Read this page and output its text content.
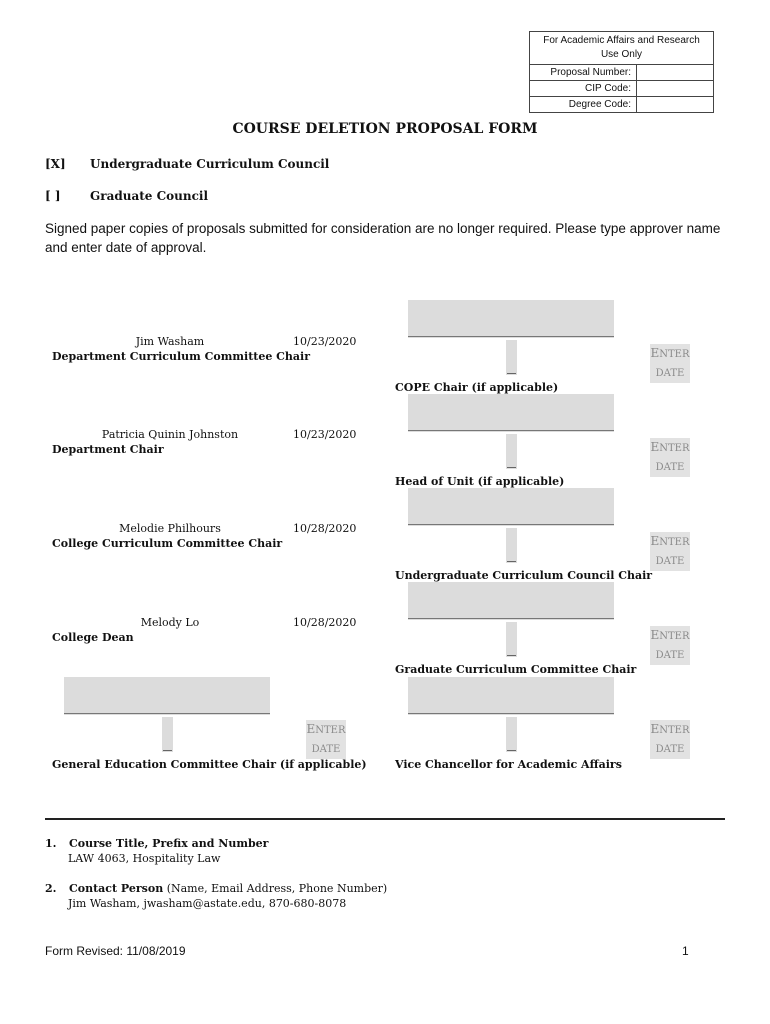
For Academic Affairs and Research Use Only
Proposal Number:
CIP Code:
Degree Code:
COURSE DELETION PROPOSAL FORM
[X] Undergraduate Curriculum Council
[ ] Graduate Council
Signed paper copies of proposals submitted for consideration are no longer required. Please type approver name and enter date of approval.
Jim Washam	10/23/2020
Department Curriculum Committee Chair
Patricia Quinin Johnston	10/23/2020
Department Chair
Melodie Philhours	10/28/2020
College Curriculum Committee Chair
Melody Lo	10/28/2020
College Dean
ENTER
DATE
General Education Committee Chair (if applicable)
ENTER
DATE
COPE Chair (if applicable)
ENTER
DATE
Head of Unit (if applicable)
ENTER
DATE
Undergraduate Curriculum Council Chair
ENTER
DATE
Graduate Curriculum Committee Chair
ENTER
DATE
Vice Chancellor for Academic Affairs
1. Course Title, Prefix and Number
LAW 4063, Hospitality Law
2. Contact Person (Name, Email Address, Phone Number)
Jim Washam, jwasham@astate.edu, 870-680-8078
Form Revised: 11/08/2019	1
